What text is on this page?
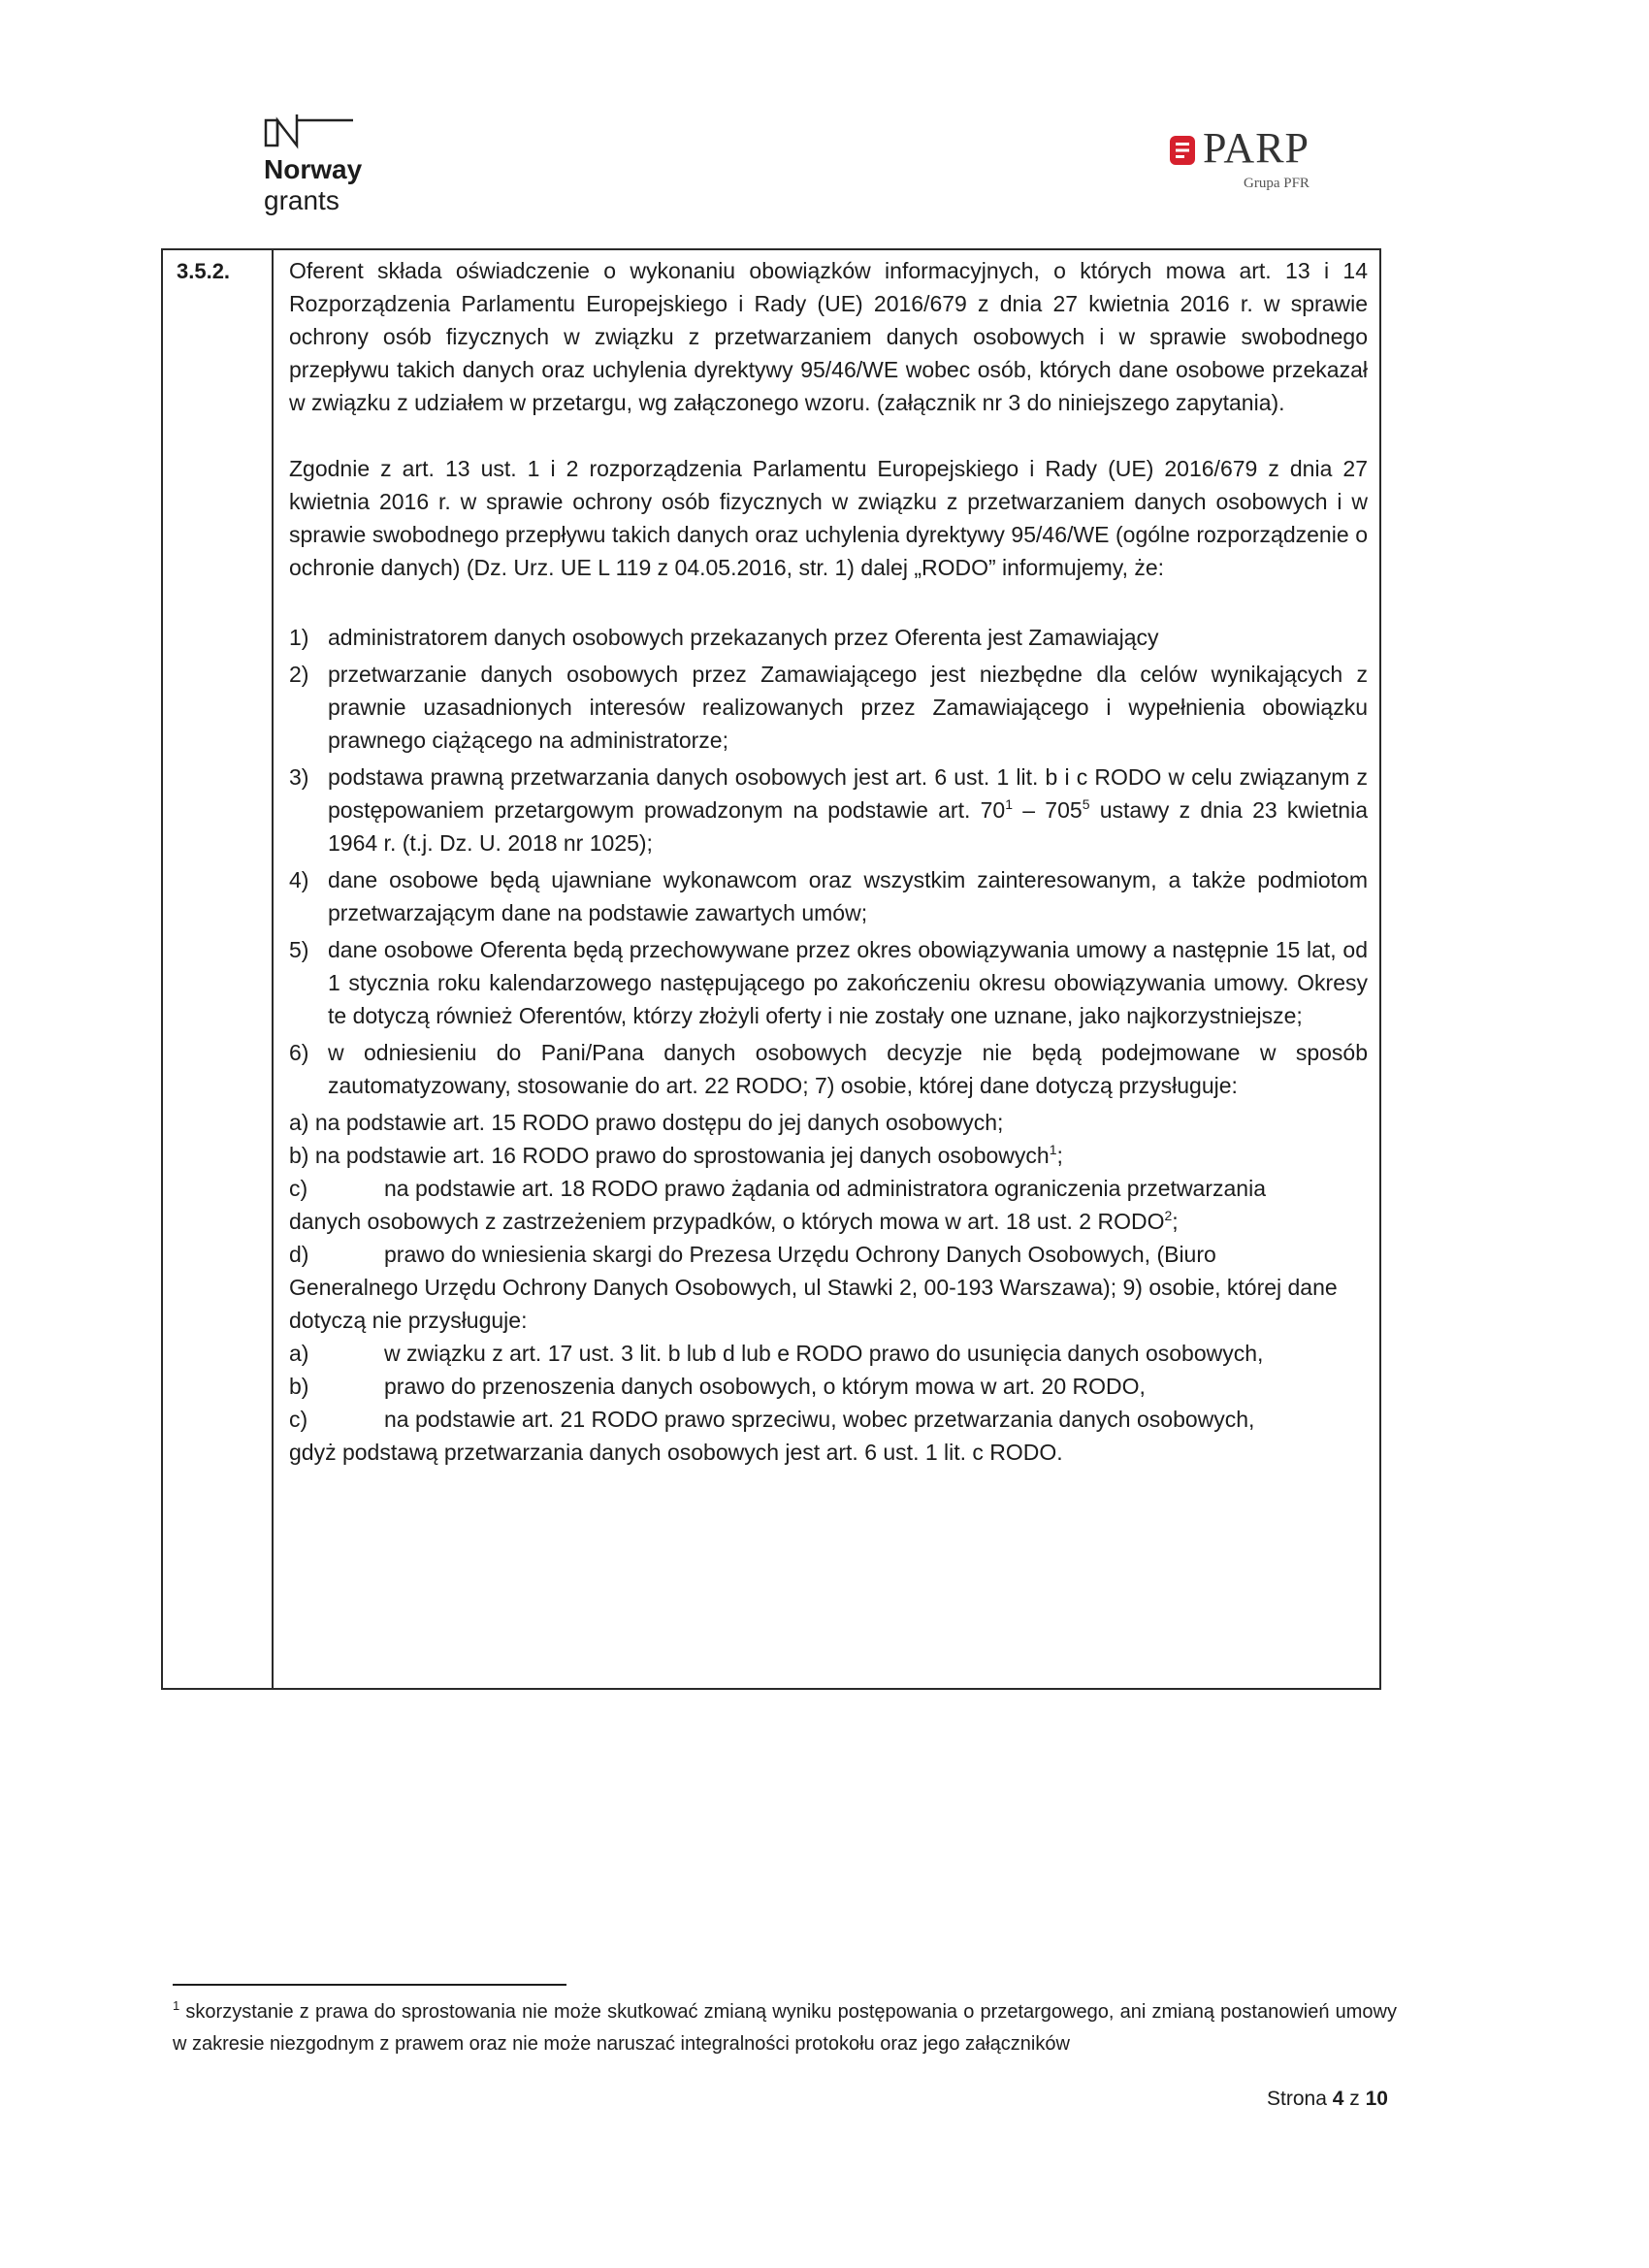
Norway
grants
PARP
Grupa PFR
3.5.2.	Oferent składa oświadczenie o wykonaniu obowiązków informacyjnych, o których mowa art. 13 i 14 Rozporządzenia Parlamentu Europejskiego i Rady (UE) 2016/679 z dnia 27 kwietnia 2016 r. w sprawie ochrony osób fizycznych w związku z przetwarzaniem danych osobowych i w sprawie swobodnego przepływu takich danych oraz uchylenia dyrektywy 95/46/WE wobec osób, których dane osobowe przekazał w związku z udziałem w przetargu, wg załączonego wzoru. (załącznik nr 3 do niniejszego zapytania).

Zgodnie z art. 13 ust. 1 i 2 rozporządzenia Parlamentu Europejskiego i Rady (UE) 2016/679 z dnia 27 kwietnia 2016 r. w sprawie ochrony osób fizycznych w związku z przetwarzaniem danych osobowych i w sprawie swobodnego przepływu takich danych oraz uchylenia dyrektywy 95/46/WE (ogólne rozporządzenie o ochronie danych) (Dz. Urz. UE L 119 z 04.05.2016, str. 1) dalej „RODO” informujemy, że:

1) administratorem danych osobowych przekazanych przez Oferenta jest Zamawiający
2) przetwarzanie danych osobowych przez Zamawiającego jest niezbędne dla celów wynikających z prawnie uzasadnionych interesów realizowanych przez Zamawiającego i wypełnienia obowiązku prawnego ciążącego na administratorze;
3) podstawa prawną przetwarzania danych osobowych jest art. 6 ust. 1 lit. b i c RODO w celu związanym z postępowaniem przetargowym prowadzonym na podstawie art. $70^1 - 705^5$ ustawy z dnia 23 kwietnia 1964 r. (t.j. Dz. U. 2018 nr 1025);
4) dane osobowe będą ujawniane wykonawcom oraz wszystkim zainteresowanym, a także podmiotom przetwarzającym dane na podstawie zawartych umów;
5) dane osobowe Oferenta będą przechowywane przez okres obowiązywania umowy a następnie 15 lat, od 1 stycznia roku kalendarzowego następującego po zakończeniu okresu obowiązywania umowy. Okresy te dotyczą również Oferentów, którzy złożyli oferty i nie zostały one uznane, jako najkorzystniejsze;
6) w odniesieniu do Pani/Pana danych osobowych decyzje nie będą podejmowane w sposób zautomatyzowany, stosowanie do art. 22 RODO; 7) osobie, której dane dotyczą przysługuje:
a) na podstawie art. 15 RODO prawo dostępu do jej danych osobowych;
b) na podstawie art. 16 RODO prawo do sprostowania jej danych osobowych$^1$;
c)	na podstawie art. 18 RODO prawo żądania od administratora ograniczenia przetwarzania
danych osobowych z zastrzeżeniem przypadków, o których mowa w art. 18 ust. 2 RODO$^2$;
d)	prawo do wniesienia skargi do Prezesa Urzędu Ochrony Danych Osobowych, (Biuro
Generalnego Urzędu Ochrony Danych Osobowych, ul Stawki 2, 00-193 Warszawa); 9) osobie, której dane dotyczą nie przysługuje:
a)	w związku z art. 17 ust. 3 lit. b lub d lub e RODO prawo do usunięcia danych osobowych,
b)	prawo do przenoszenia danych osobowych, o którym mowa w art. 20 RODO,
c)	na podstawie art. 21 RODO prawo sprzeciwu, wobec przetwarzania danych osobowych,
gdyż podstawą przetwarzania danych osobowych jest art. 6 ust. 1 lit. c RODO.
$^1$ skorzystanie z prawa do sprostowania nie może skutkować zmianą wyniku postępowania o przetargowego, ani zmianą postanowień umowy w zakresie niezgodnym z prawem oraz nie może naruszać integralności protokołu oraz jego załączników
Strona 4 z 10
